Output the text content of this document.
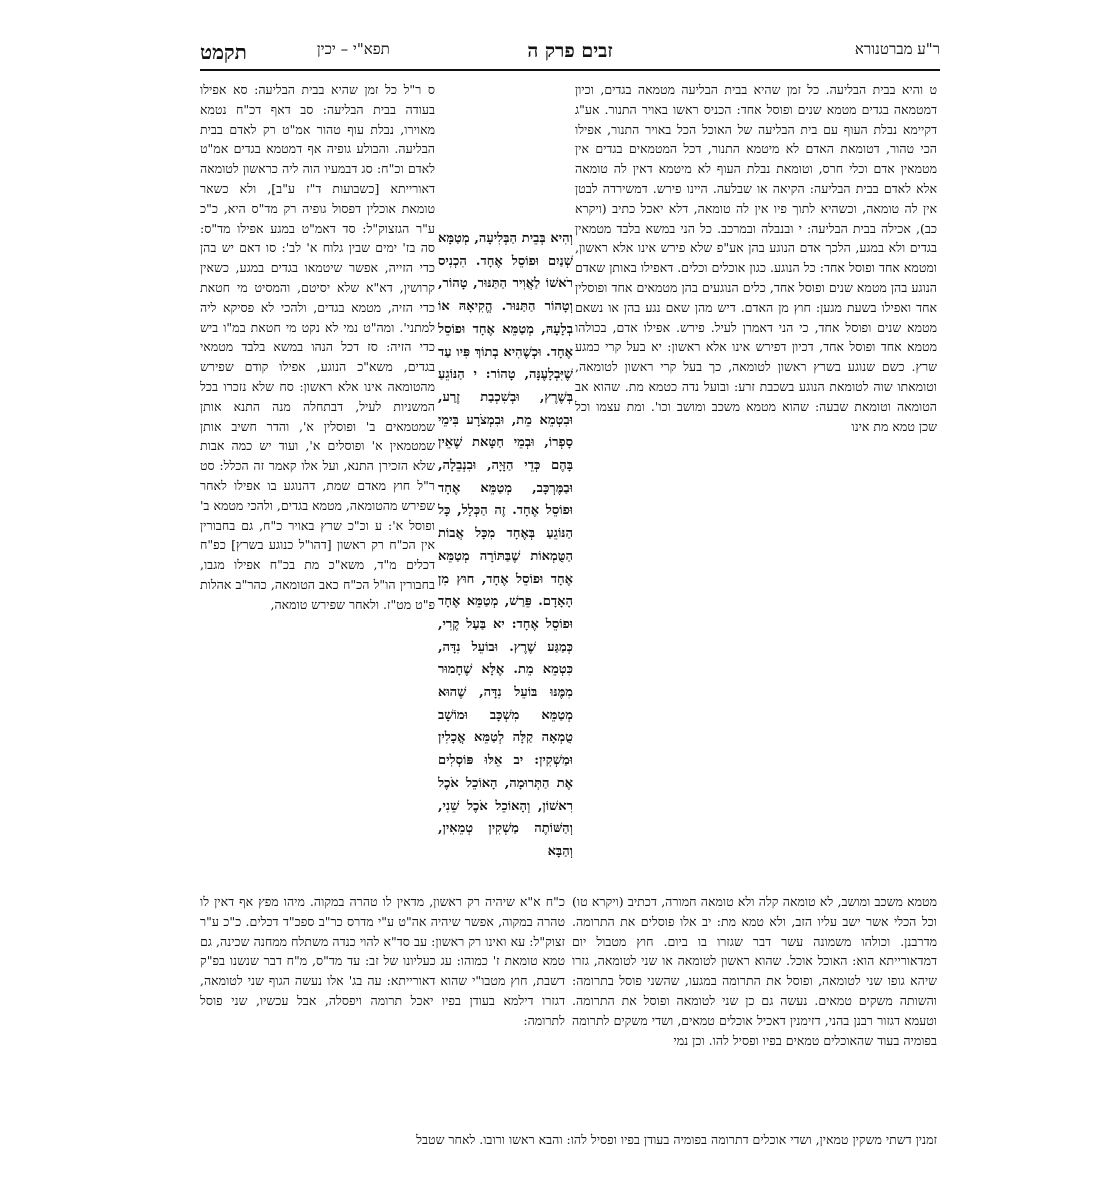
ר"ע מברטנורא
זבים פרק ה
תפא"י – יכין
תקמט

ט והיא בבית הבליעה. כל זמן שהיא בבית הבליעה מטמאה בגדים, וכיון דמטמאה בגדים מטמא שנים ופוסל אחד: הכניס ראשו באויר התנור. אע"ג דקיימא נבלת העוף עם בית הבליעה של האוכל הכל באויר התנור, אפילו הכי טהור, דטומאת האדם לא מיטמא התנור, דכל המטמאים בגדים אין מטמאין אדם וכלי חרס, וטומאת נבלת העוף לא מיטמא דאין לה טומאה אלא לאדם בבית הבליעה: הקיאה או שבלעה. היינו פירש. דמשירדה לבטן אין לה טומאה, וכשהיא לתוך פיו אין לה טומאה, דלא יאכל כתיב (ויקרא כב), אכילה בבית הבליעה: י ובנבלה ובמרכב. כל הני במשא בלבד מטמאין בגדים ולא במגע, הלכך אדם הנוגע בהן אע"פ שלא פירש אינו אלא ראשון, ומטמא אחד ופוסל אחד: כל הנוגע. כגון אוכלים וכלים. דאפילו באותן שאדם הנוגע בהן מטמא שנים ופוסל אחד, כלים הנוגעים בהן מטמאים אחד ופוסלין אחד ואפילו בשעת מגען: חוץ מן האדם. דיש מהן שאם נגע בהן או נשאם מטמא שנים ופוסל אחד, כי הני דאמרן לעיל. פירש. אפילו אדם, בכולהו מטמא אחד ופוסל אחד, דכיון דפירש אינו אלא ראשון: יא בעל קרי כמגע שרץ. כשם שנוגע בשרץ ראשון לטומאה, כך בעל קרי ראשון לטומאה, וטומאתו שוה לטומאת הנוגע בשכבת זרע: ובועל נדה כטמא מת. שהוא אב הטומאה וטומאת שבעה: שהוא מטמא משכב ומושב וכו'. ומת עצמו וכל שכן טמא מת אינו

וְהִיא בְּבֵית הַבְּלִיעָה, מְטַמָּא שְׁנַיִם וּפוֹסֵל אֶחָד. הִכְנִיס רֹאשׁוֹ לַאֲוִיר הַתַּנּוּר, טָהוֹר, וְטָהוֹר הַתַּנּוּר. הֱקִיאָהּ אוֹ בְלָעָהּ, מְטַמֵּא אֶחָד וּפוֹסֵל אֶחָד. וּכְשֶׁהִיא בְתוֹךְ פִּיו עַד שֶׁיִּבְלָעֶנָּה, טָהוֹר: י הַנּוֹגֵעַ בְּשֶׁרֶץ, וּבְשִׁכְבַת זֶרַע, וּבִטְמֵא מֵת, וּבִמְצֹרָע בִּימֵי סָפְרוֹ, וּבְמֵי חַטָּאת שֶׁאֵין בָּהֶם כְּדֵי הַזָּיָה, וּבִנְבֵלָה, וּבַמֶּרְכָּב, מְטַמֵּא אֶחָד וּפוֹסֵל אֶחָד. זֶה הַכְּלָל, כָּל הַנּוֹגֵעַ בְּאֶחָד מִכָּל אֲבוֹת הַטֻּמְאוֹת שֶׁבַּתּוֹרָה מְטַמֵּא אֶחָד וּפוֹסֵל אֶחָד, חוּץ מִן הָאָדָם. פֵּרַשׁ, מְטַמֵּא אֶחָד וּפוֹסֵל אֶחָד: יא בַּעַל קֶרִי, כְּמַגַּע שֶׁרֶץ. וּבוֹעֵל נִדָּה, כִּטְמֵא מֵת. אֶלָּא שֶׁחָמוּר מִמֶּנּוּ בּוֹעֵל נִדָּה, שֶׁהוּא מְטַמֵּא מִשְׁכָּב וּמוֹשָׁב טֻמְאָה קַלָּה לְטַמֵּא אֳכָלִין וּמַשְׁקִין: יב אֵלּוּ פּוֹסְלִים אֶת הַתְּרוּמָה, הָאוֹכֵל אֹכֶל רִאשׁוֹן, וְהָאוֹכֵל אֹכֶל שֵׁנִי, וְהַשּׁוֹתֶה מַשְׁקִין טְמֵאִין, וְהַבָּא

ס ר"ל כל זמן שהיא בבית הבליעה: סא אפילו בעודה בבית הבליעה: סב דאף דכ"ח נטמא מאוירו, נבלת עוף טהור אמ"ט רק לאדם בבית הבליעה. והבולע גופיה אף דמטמא בגדים אמ"ט לאדם וכ"ח: סג דבמעיו הוה ליה כראשון לטומאה דאורייתא [כשבועות ד"ז ע"ב], ולא כשאר טומאת אוכלין דפסול גופיה רק מד"ס היא, כ"כ ע"ר הגזצוק"ל: סד דאמ"ט במגע אפילו מד"ס: סה בז' ימים שבין גלוח א' לב': סו דאם יש בהן כדי הזייה, אפשר שיטמאו בגדים במגע, כשאין קרושין, דא"א שלא יסיטם, והמסיט מי חטאת כדי הזיה, מטמא בגדים, ולהכי לא פסיקא ליה למתני'. ומה"ט נמי לא נקט מי חטאת במ"ו ביש כדי הזיה: סז דכל הנהו במשא בלבד מטמאי בגדים, משא"כ הנוגע, אפילו קודם שפירש מהטומאה אינו אלא ראשון: סח שלא נזכרו בכל המשניות לעיל, דבתחלה מנה התנא אותן שמטמאים ב' ופוסלין א', והדר חשיב אותן שמטמאין א' ופוסלים א', ועוד יש כמה אבות שלא הזכירן התנא, ועל אלו קאמר זה הכלל: סט ר"ל חוץ מאדם שמת, דהנוגע בו אפילו לאחר שפירש מהטומאה, מטמא בגדים, ולהכי מטמא ב' ופוסל א': ע וכ"כ שרץ באויר כ"ח, גם בחבורין אין הכ"ח רק ראשון [דהו"ל כנוגע בשרץ] כפ"ח דכלים מ"ד, משא"כ מת בכ"ח אפילו מגבו, בחבורין הו"ל הכ"ח כאב הטומאה, כהר"ב אהלות פ"ט מט"ז. ולאחר שפירש טומאה,

מטמא משכב ומושב, לא טומאה קלה ולא טומאה חמורה, דכתיב (ויקרא טו) וכל הכלי אשר ישב עליו הזב, ולא טמא מת: יב אלו פוסלים את התרומה. מדרבנן. וכולהו משמונה עשר דבר שגזרו בו ביום. חוץ מטבול יום דמדאורייתא הוא: האוכל אוכל. שהוא ראשון לטומאה או שני לטומאה, גזרו שיהא גופו שני לטומאה, ופוסל את התרומה במגעו, שהשני פוסל בתרומה: והשותה משקים טמאים. נעשה גם כן שני לטומאה ופוסל את התרומה. וטעמא דגזור רבנן בהני, דזימנין דאכיל אוכלים טמאים, ושדי משקים לתרומה בפומיה בעוד שהאוכלים טמאים בפיו ופסיל להו. וכן נמי

כ"ח א"א שיהיה רק ראשון, מדאין לו טהרה במקוה. מיהו מפץ אף דאין לו טהרה במקוה, אפשר שיהיה אה"ט ע"י מדרס כר"ב ספכ"ד דכלים. כ"כ ע"ר זצוק"ל: עא ואינו רק ראשון: עב סד"א להוי כנדה משתלח ממחנה שכינה, גם טמא טומאת ז' כמוהו: עג כעליונו של זב: עד מד"ס, מ"ח דבר שנשנו בפ"ק דשבת, חוץ מטבו"י שהוא דאורייתא: עה בג' אלו נעשה הגוף שני לטומאה, דגזרו דילמא בעודן בפיו יאכל תרומה ויפסלה, אבל עכשיו, שני פוסל לתרומה:

זמנין דשתי משקין טמאין, ושדי אוכלים דתרומה בפומיה בעודן בפיו ופסיל להו: והבא ראשו ורובו. לאחר שטבל
